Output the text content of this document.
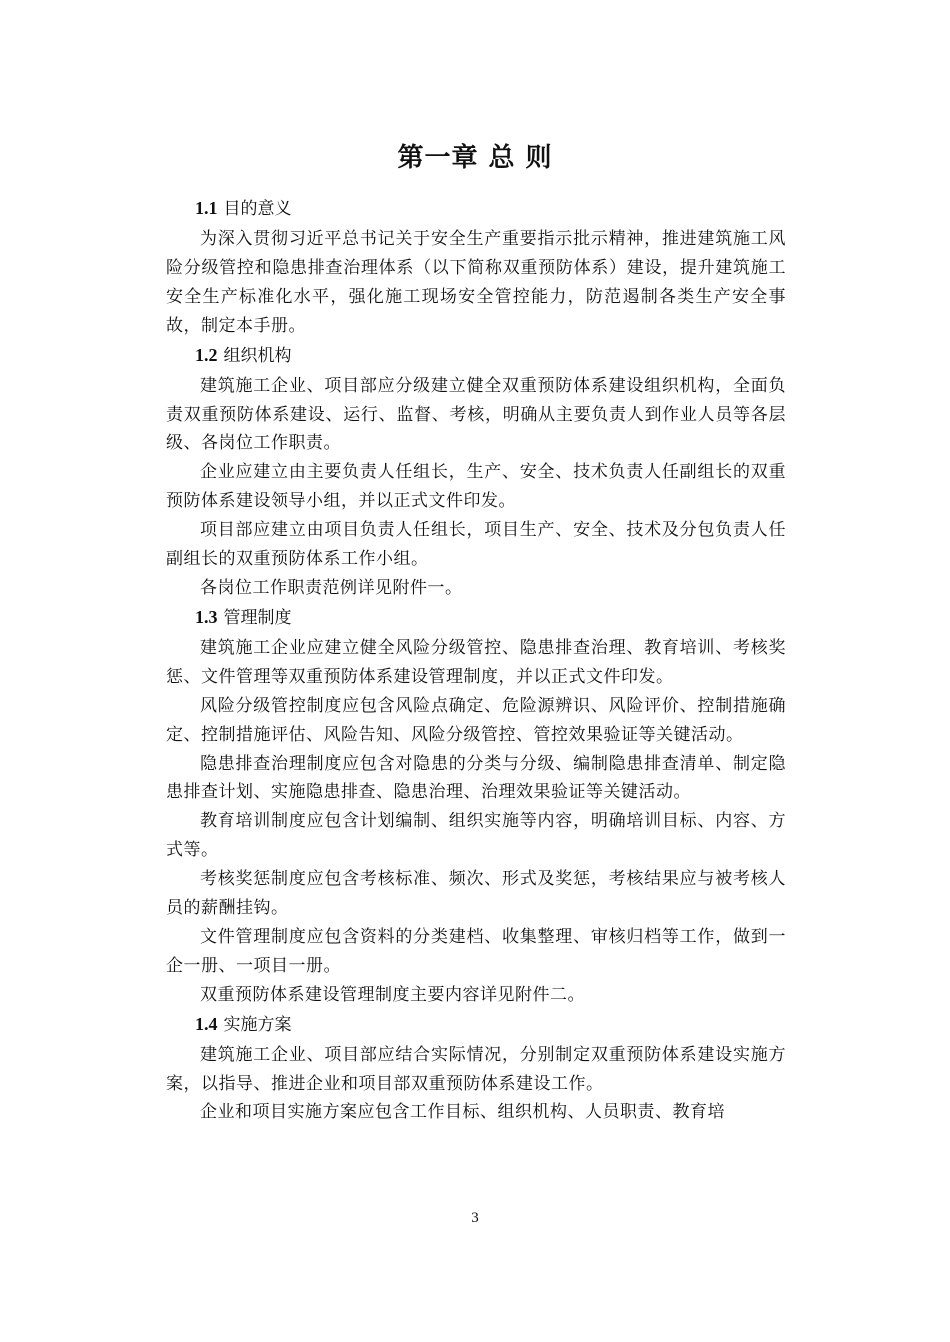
第一章 总 则
1.1 目的意义

为深入贯彻习近平总书记关于安全生产重要指示批示精神，推进建筑施工风险分级管控和隐患排查治理体系（以下简称双重预防体系）建设，提升建筑施工安全生产标准化水平，强化施工现场安全管控能力，防范遏制各类生产安全事故，制定本手册。

1.2 组织机构

建筑施工企业、项目部应分级建立健全双重预防体系建设组织机构，全面负责双重预防体系建设、运行、监督、考核，明确从主要负责人到作业人员等各层级、各岗位工作职责。

企业应建立由主要负责人任组长，生产、安全、技术负责人任副组长的双重预防体系建设领导小组，并以正式文件印发。

项目部应建立由项目负责人任组长，项目生产、安全、技术及分包负责人任副组长的双重预防体系工作小组。

各岗位工作职责范例详见附件一。

1.3 管理制度

建筑施工企业应建立健全风险分级管控、隐患排查治理、教育培训、考核奖惩、文件管理等双重预防体系建设管理制度，并以正式文件印发。

风险分级管控制度应包含风险点确定、危险源辨识、风险评价、控制措施确定、控制措施评估、风险告知、风险分级管控、管控效果验证等关键活动。

隐患排查治理制度应包含对隐患的分类与分级、编制隐患排查清单、制定隐患排查计划、实施隐患排查、隐患治理、治理效果验证等关键活动。

教育培训制度应包含计划编制、组织实施等内容，明确培训目标、内容、方式等。

考核奖惩制度应包含考核标准、频次、形式及奖惩，考核结果应与被考核人员的薪酬挂钩。

文件管理制度应包含资料的分类建档、收集整理、审核归档等工作，做到一企一册、一项目一册。

双重预防体系建设管理制度主要内容详见附件二。

1.4 实施方案

建筑施工企业、项目部应结合实际情况，分别制定双重预防体系建设实施方案，以指导、推进企业和项目部双重预防体系建设工作。

企业和项目实施方案应包含工作目标、组织机构、人员职责、教育培

3
